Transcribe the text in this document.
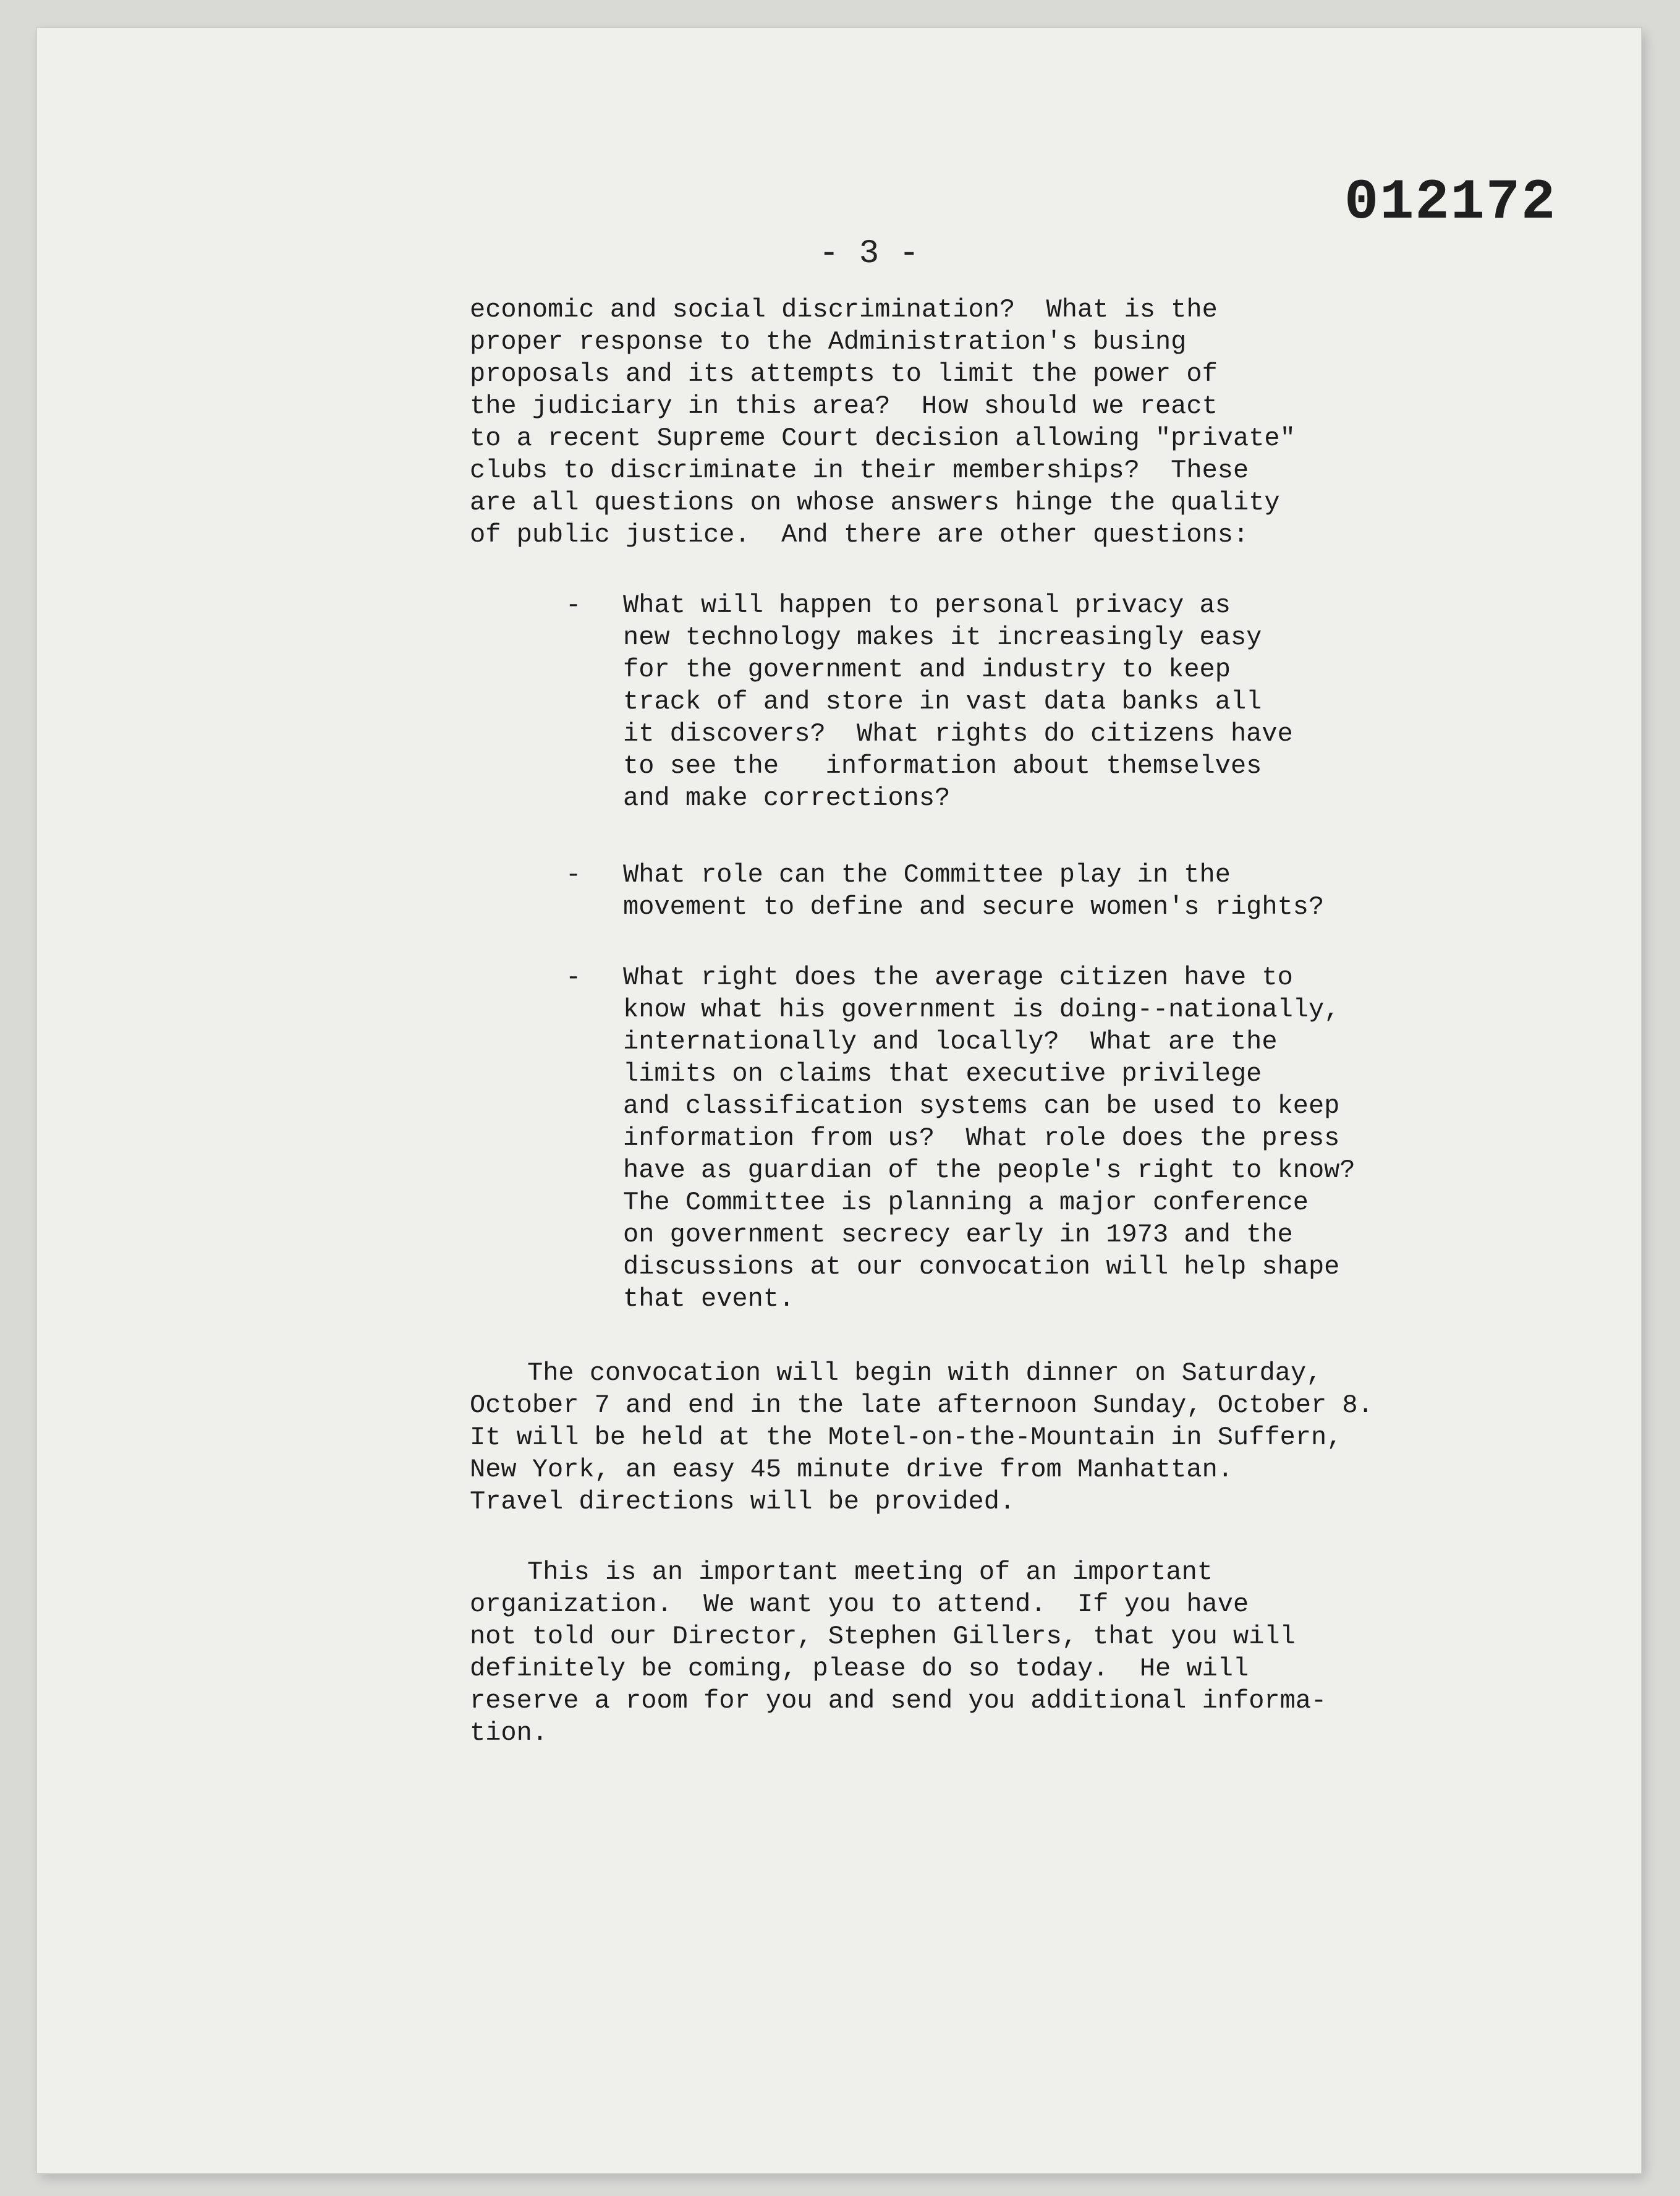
012172
- 3 -
economic and social discrimination?  What is the
proper response to the Administration's busing
proposals and its attempts to limit the power of
the judiciary in this area?  How should we react
to a recent Supreme Court decision allowing "private"
clubs to discriminate in their memberships?  These
are all questions on whose answers hinge the quality
of public justice.  And there are other questions:
- What will happen to personal privacy as
new technology makes it increasingly easy
for the government and industry to keep
track of and store in vast data banks all
it discovers?  What rights do citizens have
to see the   information about themselves
and make corrections?
- What role can the Committee play in the
movement to define and secure women's rights?
- What right does the average citizen have to
know what his government is doing--nationally,
internationally and locally?  What are the
limits on claims that executive privilege
and classification systems can be used to keep
information from us?  What role does the press
have as guardian of the people's right to know?
The Committee is planning a major conference
on government secrecy early in 1973 and the
discussions at our convocation will help shape
that event.
The convocation will begin with dinner on Saturday,
October 7 and end in the late afternoon Sunday, October 8.
It will be held at the Motel-on-the-Mountain in Suffern,
New York, an easy 45 minute drive from Manhattan.
Travel directions will be provided.
This is an important meeting of an important
organization.  We want you to attend.  If you have
not told our Director, Stephen Gillers, that you will
definitely be coming, please do so today.  He will
reserve a room for you and send you additional informa-
tion.
